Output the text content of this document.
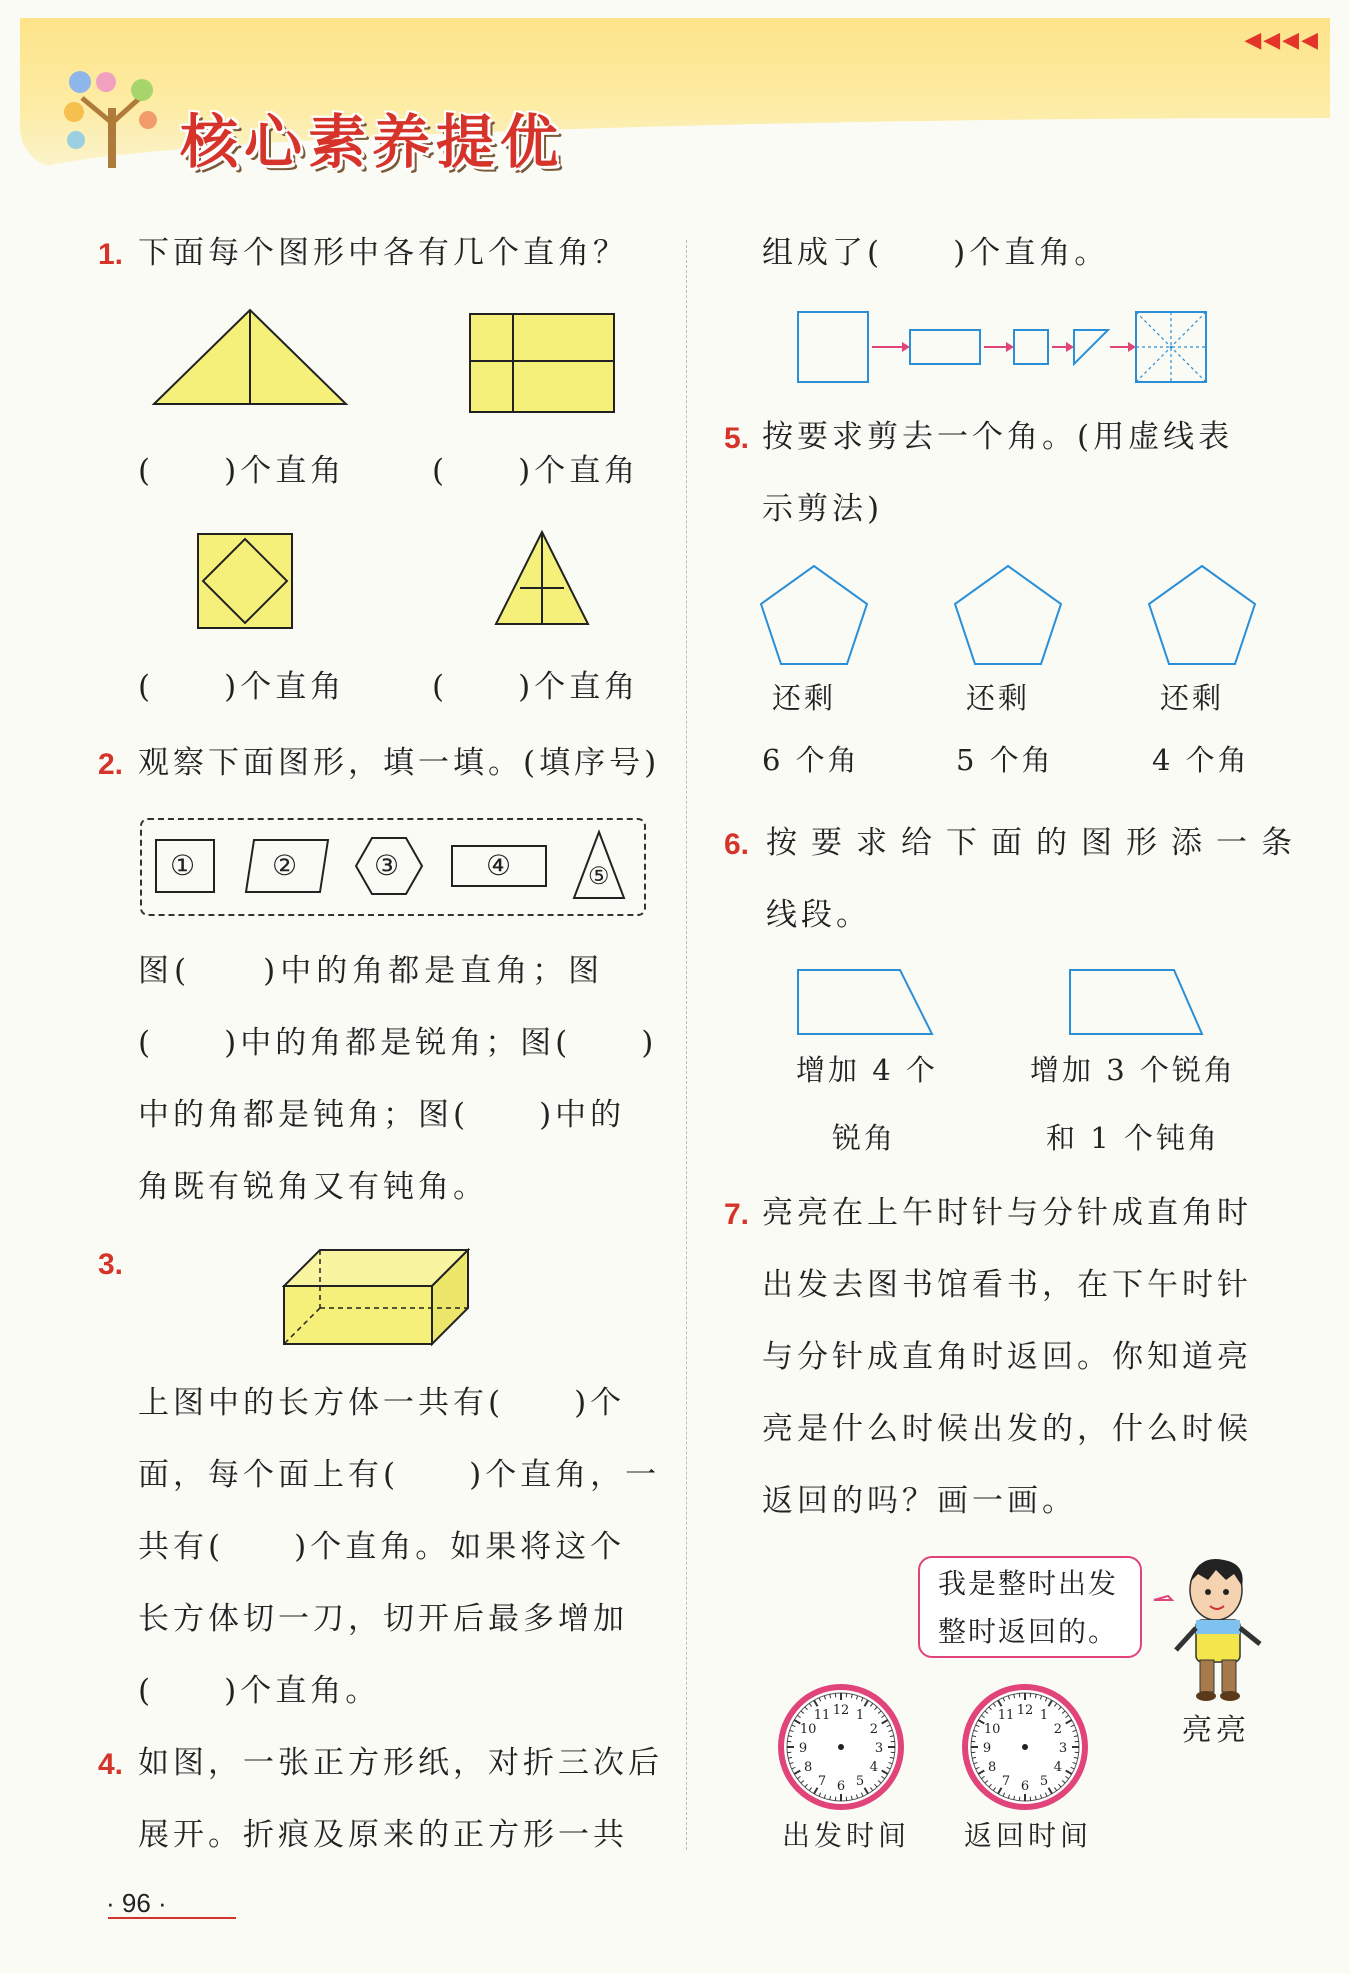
核心素养提优
◀◀◀◀
1. 下面每个图形中各有几个直角？
(　　)个直角	(　　)个直角
(　　)个直角	(　　)个直角
2. 观察下面图形，填一填。(填序号)
①	②	③	④	⑤
图(　　)中的角都是直角；图
(　　)中的角都是锐角；图(　　)
中的角都是钝角；图(　　)中的
角既有锐角又有钝角。
3.
上图中的长方体一共有(　　)个
面，每个面上有(　　)个直角，一
共有(　　)个直角。如果将这个
长方体切一刀，切开后最多增加
(　　)个直角。
4. 如图，一张正方形纸，对折三次后
展开。折痕及原来的正方形一共
组成了(　　)个直角。
5. 按要求剪去一个角。(用虚线表
示剪法)
还剩
6 个角
还剩
5 个角
还剩
4 个角
6. 按要求给下面的图形添一条
线段。
增加 4 个
锐角
增加 3 个锐角
和 1 个钝角
7. 亮亮在上午时针与分针成直角时
出发去图书馆看书，在下午时针
与分针成直角时返回。你知道亮
亮是什么时候出发的，什么时候
返回的吗？画一画。
我是整时出发
整时返回的。
亮亮
12 1
2
3
4
5
6
7
8
9
10
11	12 1
2
3
4
5
6
7
8
9
10
11
出发时间 返回时间
· 96 ·
